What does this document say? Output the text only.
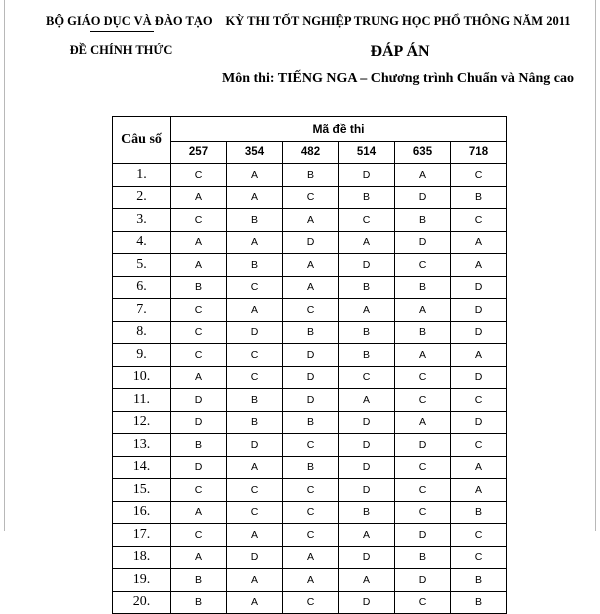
BỘ GIÁO DỤC VÀ ĐÀO TẠO
ĐỀ CHÍNH THỨC
KỲ THI TỐT NGHIỆP TRUNG HỌC PHỔ THÔNG NĂM 2011
ĐÁP ÁN
Môn thi: TIẾNG NGA – Chương trình Chuẩn và Nâng cao
Câu số	Mã đề thi					
	257	354	482	514	635	718
1.	C	A	B	D	A	C
2.	A	A	C	B	D	B
3.	C	B	A	C	B	C
4.	A	A	D	A	D	A
5.	A	B	A	D	C	A
6.	B	C	A	B	B	D
7.	C	A	C	A	A	D
8.	C	D	B	B	B	D
9.	C	C	D	B	A	A
10.	A	C	D	C	C	D
11.	D	B	D	A	C	C
12.	D	B	B	D	A	D
13.	B	D	C	D	D	C
14.	D	A	B	D	C	A
15.	C	C	C	D	C	A
16.	A	C	C	B	C	B
17.	C	A	C	A	D	C
18.	A	D	A	D	B	C
19.	B	A	A	A	D	B
20.	B	A	C	D	C	B
